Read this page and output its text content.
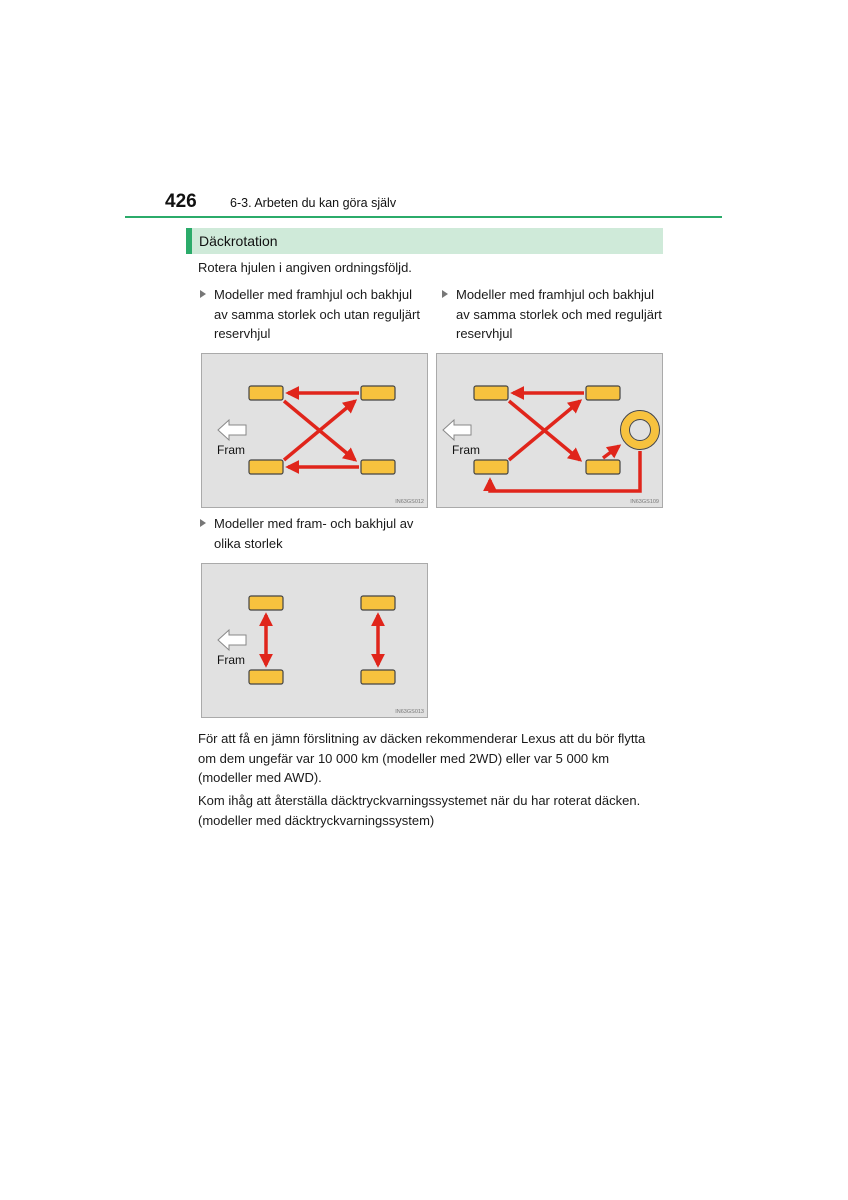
426	6-3. Arbeten du kan göra själv
Däckrotation
Rotera hjulen i angiven ordningsföljd.
Modeller med framhjul och bakhjul
av samma storlek och utan reguljärt
reservhjul
Modeller med framhjul och bakhjul
av samma storlek och med reguljärt
reservhjul
Fram
IN63GS012
Fram
IN63GS109
Modeller med fram- och bakhjul av
olika storlek
Fram
IN63GS013
För att få en jämn förslitning av däcken rekommenderar Lexus att du bör flytta
om dem ungefär var 10 000 km (modeller med 2WD) eller var 5 000 km
(modeller med AWD).
Kom ihåg att återställa däcktryckvarningssystemet när du har roterat däcken.
(modeller med däcktryckvarningssystem)
